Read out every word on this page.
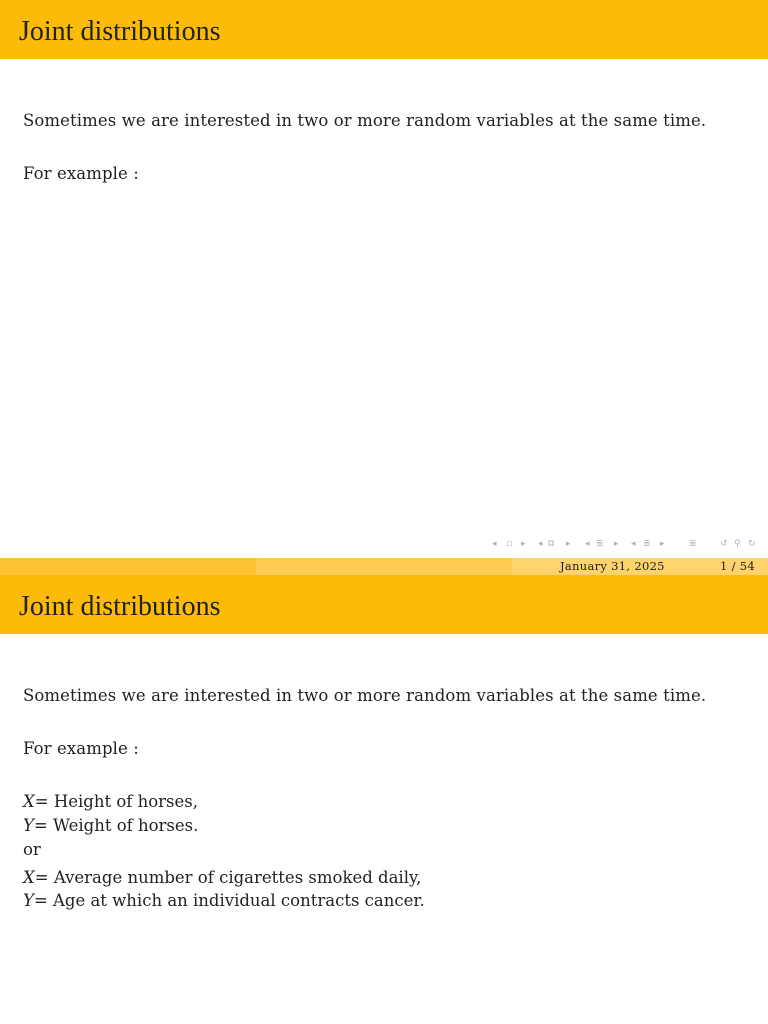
Joint distributions
Sometimes we are interested in two or more random variables at the same time.
For example :
◂ ▫ ▸ ◂ ⧉ ▸ ◂ ≣ ▸ ◂ ≣ ▸	≣	↺ ⚲ ↻
January 31, 2025	1 / 54
Joint distributions
Sometimes we are interested in two or more random variables at the same time.
For example :
X= Height of horses,
Y= Weight of horses.
or
X= Average number of cigarettes smoked daily,
Y= Age at which an individual contracts cancer.
